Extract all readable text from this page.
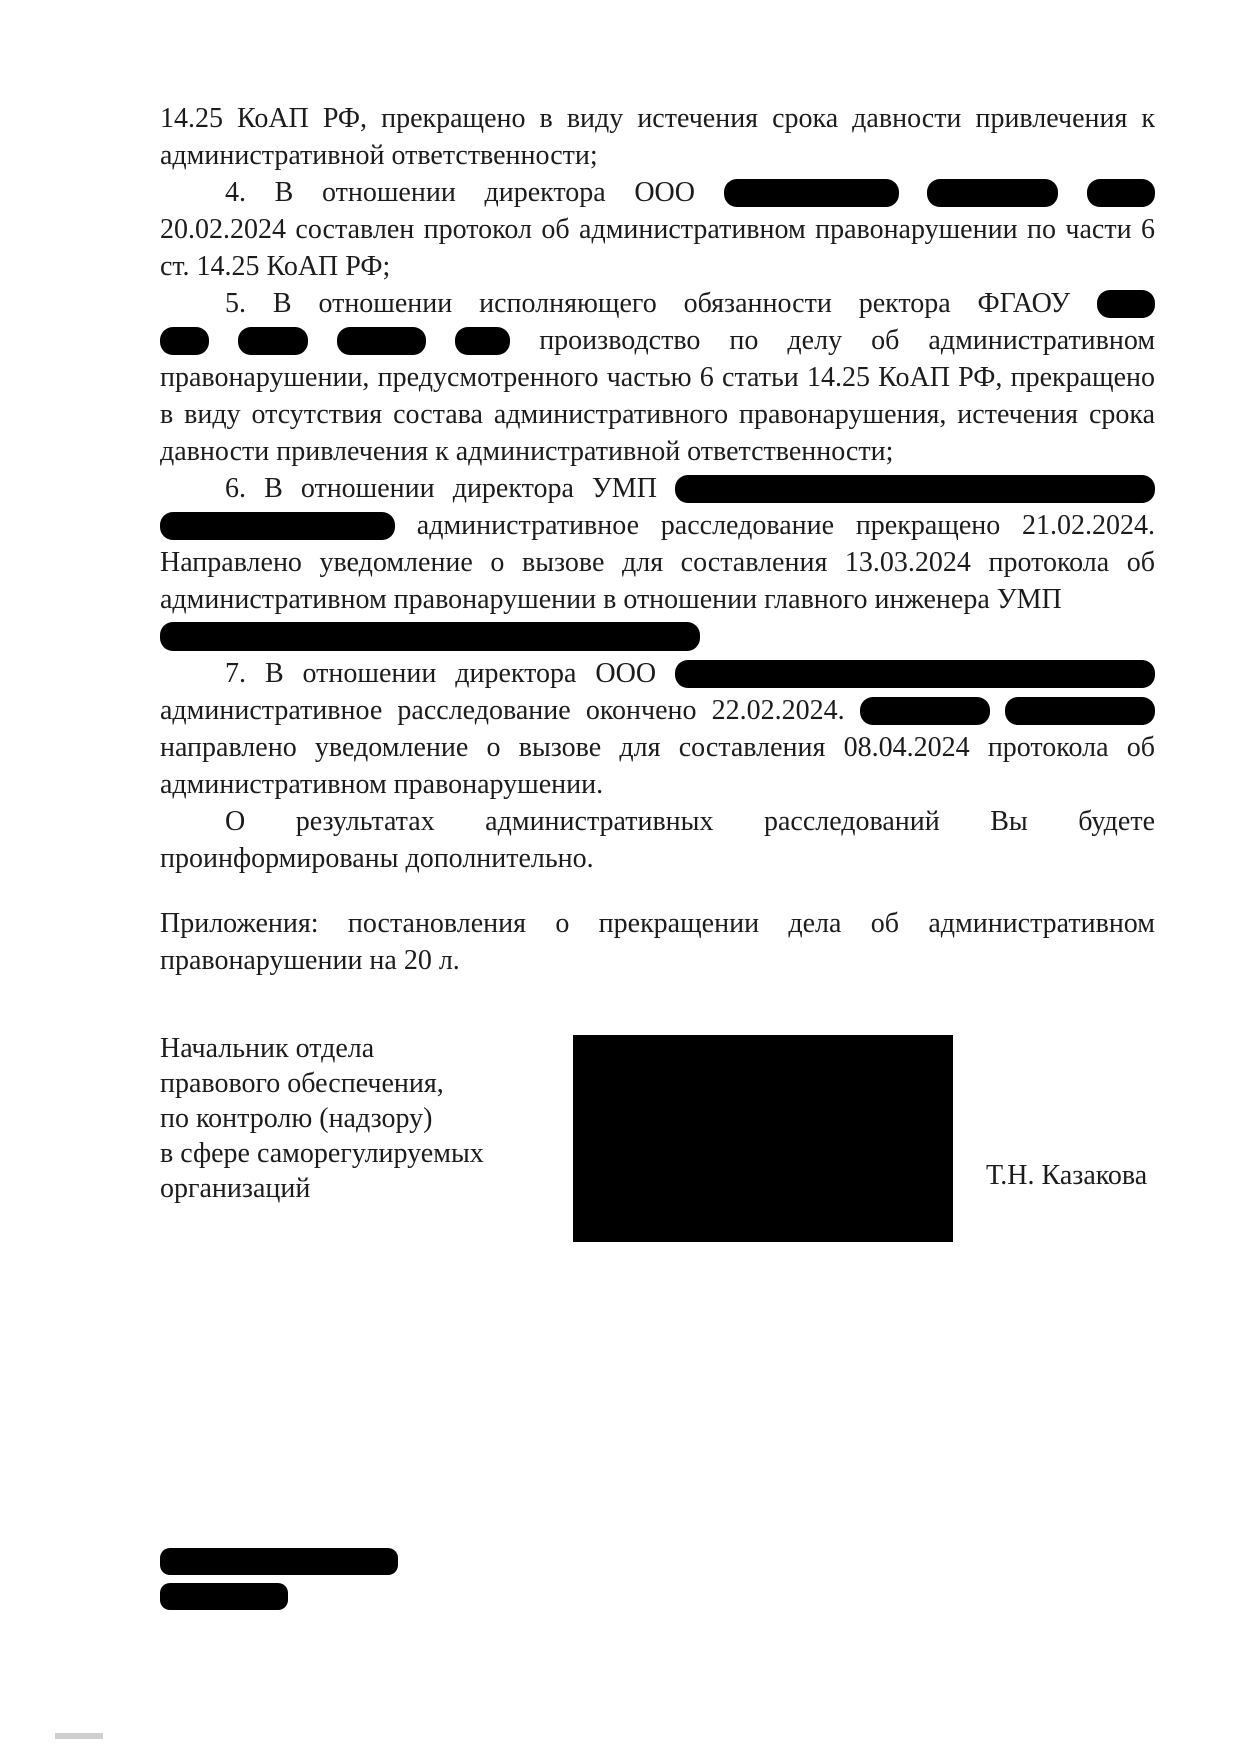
14.25 КоАП РФ, прекращено в виду истечения срока давности привлечения к административной ответственности;

4. В отношении директора ООО

20.02.2024 составлен протокол об административном правонарушении по части 6 ст. 14.25 КоАП РФ;

5. В отношении исполняющего обязанности ректора ФГАОУ

производство по делу об административном правонарушении, предусмотренного частью 6 статьи 14.25 КоАП РФ, прекращено в виду отсутствия состава административного правонарушения, истечения срока давности привлечения к административной ответственности;

6. В отношении директора УМП

административное расследование прекращено 21.02.2024. Направлено уведомление о вызове для составления 13.03.2024 протокола об административном правонарушении в отношении главного инженера УМП

7. В отношении директора ООО

административное расследование окончено 22.02.2024.   направлено уведомление о вызове для составления 08.04.2024 протокола об административном правонарушении.

О результатах административных расследований Вы будете проинформированы дополнительно.

Приложения: постановления о прекращении дела об административном правонарушении на 20 л.

Начальник отдела
правового обеспечения,
по контролю (надзору)
в сфере саморегулируемых
организаций	Т.Н. Казакова
